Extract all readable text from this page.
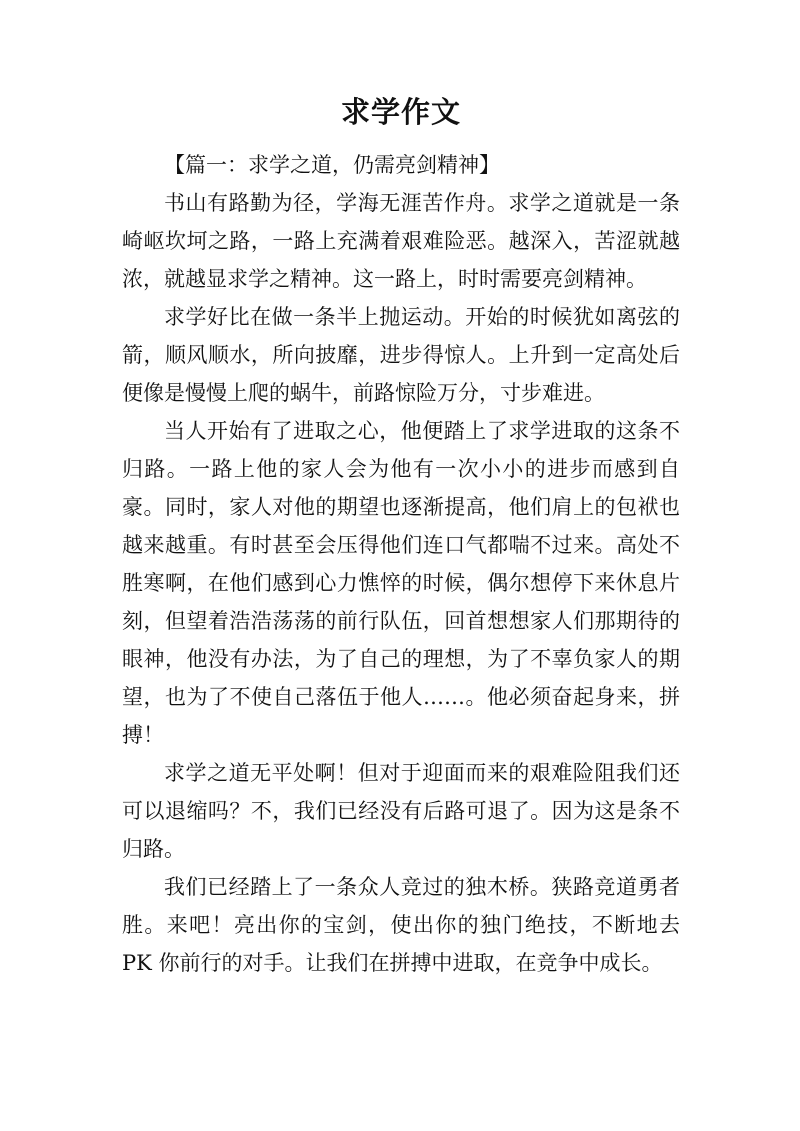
求学作文
【篇一：求学之道，仍需亮剑精神】

书山有路勤为径，学海无涯苦作舟。求学之道就是一条崎岖坎坷之路，一路上充满着艰难险恶。越深入，苦涩就越浓，就越显求学之精神。这一路上，时时需要亮剑精神。

求学好比在做一条半上抛运动。开始的时候犹如离弦的箭，顺风顺水，所向披靡，进步得惊人。上升到一定高处后便像是慢慢上爬的蜗牛，前路惊险万分，寸步难进。

当人开始有了进取之心，他便踏上了求学进取的这条不归路。一路上他的家人会为他有一次小小的进步而感到自豪。同时，家人对他的期望也逐渐提高，他们肩上的包袱也越来越重。有时甚至会压得他们连口气都喘不过来。高处不胜寒啊，在他们感到心力憔悴的时候，偶尔想停下来休息片刻，但望着浩浩荡荡的前行队伍，回首想想家人们那期待的眼神，他没有办法，为了自己的理想，为了不辜负家人的期望，也为了不使自己落伍于他人……。他必须奋起身来，拼搏！

求学之道无平处啊！但对于迎面而来的艰难险阻我们还可以退缩吗？不，我们已经没有后路可退了。因为这是条不归路。

我们已经踏上了一条众人竞过的独木桥。狭路竞道勇者胜。来吧！亮出你的宝剑，使出你的独门绝技，不断地去 PK 你前行的对手。让我们在拼搏中进取，在竞争中成长。
